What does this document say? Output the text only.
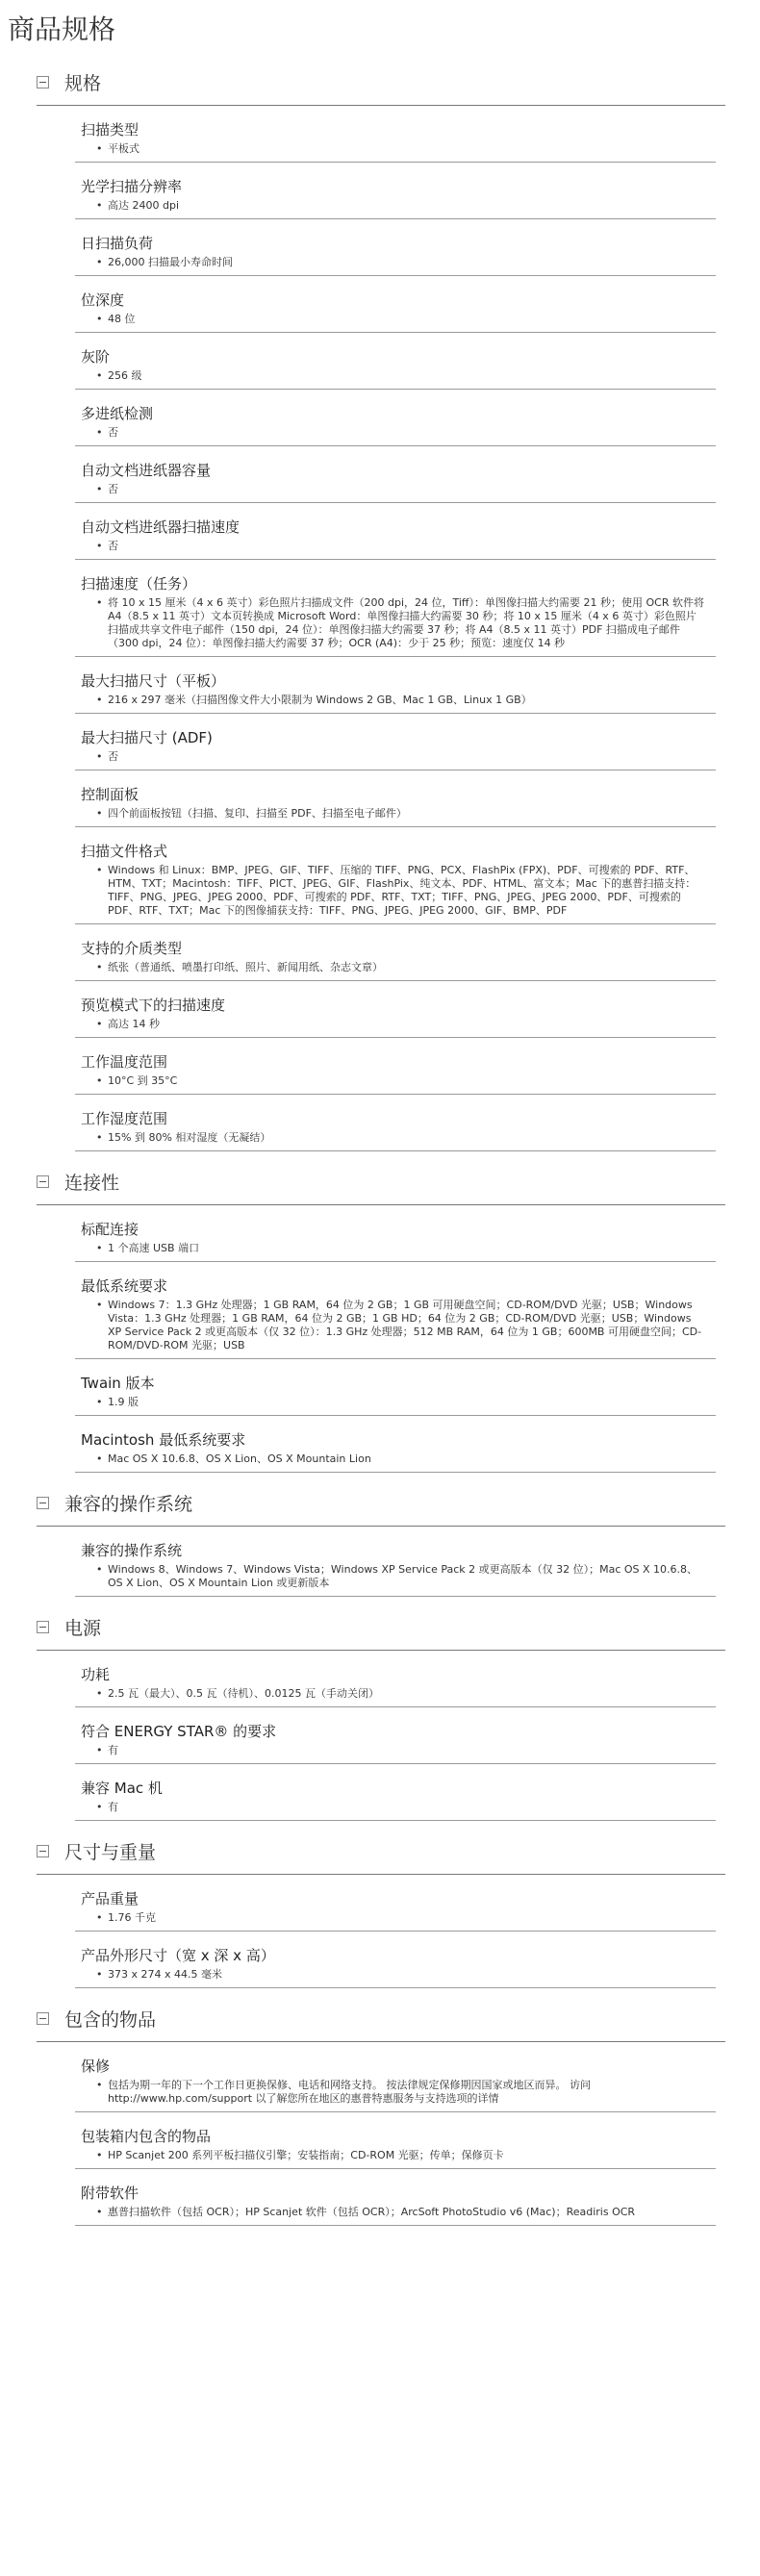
商品规格
规格
扫描类型
• 平板式
光学扫描分辨率
• 高达 2400 dpi
日扫描负荷
• 26,000 扫描最小寿命时间
位深度
• 48 位
灰阶
• 256 级
多进纸检测
• 否
自动文档进纸器容量
• 否
自动文档进纸器扫描速度
• 否
扫描速度（任务）
• 将 10 x 15 厘米（4 x 6 英寸）彩色照片扫描成文件（200 dpi，24 位，Tiff）：单图像扫描大约需要 21 秒；使用 OCR 软件将 A4（8.5 x 11 英寸）文本页转换成 Microsoft Word：单图像扫描大约需要 30 秒；将 10 x 15 厘米（4 x 6 英寸）彩色照片扫描成共享文件电子邮件（150 dpi，24 位）：单图像扫描大约需要 37 秒；将 A4（8.5 x 11 英寸）PDF 扫描成电子邮件（300 dpi，24 位）：单图像扫描大约需要 37 秒；OCR (A4)：少于 25 秒；预览：速度仅 14 秒
最大扫描尺寸（平板）
• 216 x 297 毫米（扫描图像文件大小限制为 Windows 2 GB、Mac 1 GB、Linux 1 GB）
最大扫描尺寸 (ADF)
• 否
控制面板
• 四个前面板按钮（扫描、复印、扫描至 PDF、扫描至电子邮件）
扫描文件格式
• Windows 和 Linux：BMP、JPEG、GIF、TIFF、压缩的 TIFF、PNG、PCX、FlashPix (FPX)、PDF、可搜索的 PDF、RTF、HTM、TXT；Macintosh：TIFF、PICT、JPEG、GIF、FlashPix、纯文本、PDF、HTML、富文本；Mac 下的惠普扫描支持：TIFF、PNG、JPEG、JPEG 2000、PDF、可搜索的 PDF、RTF、TXT；TIFF、PNG、JPEG、JPEG 2000、PDF、可搜索的 PDF、RTF、TXT；Mac 下的图像捕获支持：TIFF、PNG、JPEG、JPEG 2000、GIF、BMP、PDF
支持的介质类型
• 纸张（普通纸、喷墨打印纸、照片、新闻用纸、杂志文章）
预览模式下的扫描速度
• 高达 14 秒
工作温度范围
• 10°C 到 35°C
工作湿度范围
• 15% 到 80% 相对湿度（无凝结）
连接性
标配连接
• 1 个高速 USB 端口
最低系统要求
• Windows 7：1.3 GHz 处理器；1 GB RAM，64 位为 2 GB；1 GB 可用硬盘空间；CD-ROM/DVD 光驱；USB；Windows Vista：1.3 GHz 处理器；1 GB RAM，64 位为 2 GB；1 GB HD；64 位为 2 GB；CD-ROM/DVD 光驱；USB；Windows XP Service Pack 2 或更高版本（仅 32 位）：1.3 GHz 处理器；512 MB RAM，64 位为 1 GB；600MB 可用硬盘空间；CD-ROM/DVD-ROM 光驱；USB
Twain 版本
• 1.9 版
Macintosh 最低系统要求
• Mac OS X 10.6.8、OS X Lion、OS X Mountain Lion
兼容的操作系统
兼容的操作系统
• Windows 8、Windows 7、Windows Vista；Windows XP Service Pack 2 或更高版本（仅 32 位）；Mac OS X 10.6.8、OS X Lion、OS X Mountain Lion 或更新版本
电源
功耗
• 2.5 瓦（最大）、0.5 瓦（待机）、0.0125 瓦（手动关闭）
符合 ENERGY STAR® 的要求
• 有
兼容 Mac 机
• 有
尺寸与重量
产品重量
• 1.76 千克
产品外形尺寸（宽 x 深 x 高）
• 373 x 274 x 44.5 毫米
包含的物品
保修
• 包括为期一年的下一个工作日更换保修、电话和网络支持。 按法律规定保修期因国家或地区而异。 访问 http://www.hp.com/support 以了解您所在地区的惠普特惠服务与支持选项的详情
包装箱内包含的物品
• HP Scanjet 200 系列平板扫描仪引擎；安装指南；CD-ROM 光驱；传单；保修页卡
附带软件
• 惠普扫描软件（包括 OCR）；HP Scanjet 软件（包括 OCR）；ArcSoft PhotoStudio v6 (Mac)；Readiris OCR
